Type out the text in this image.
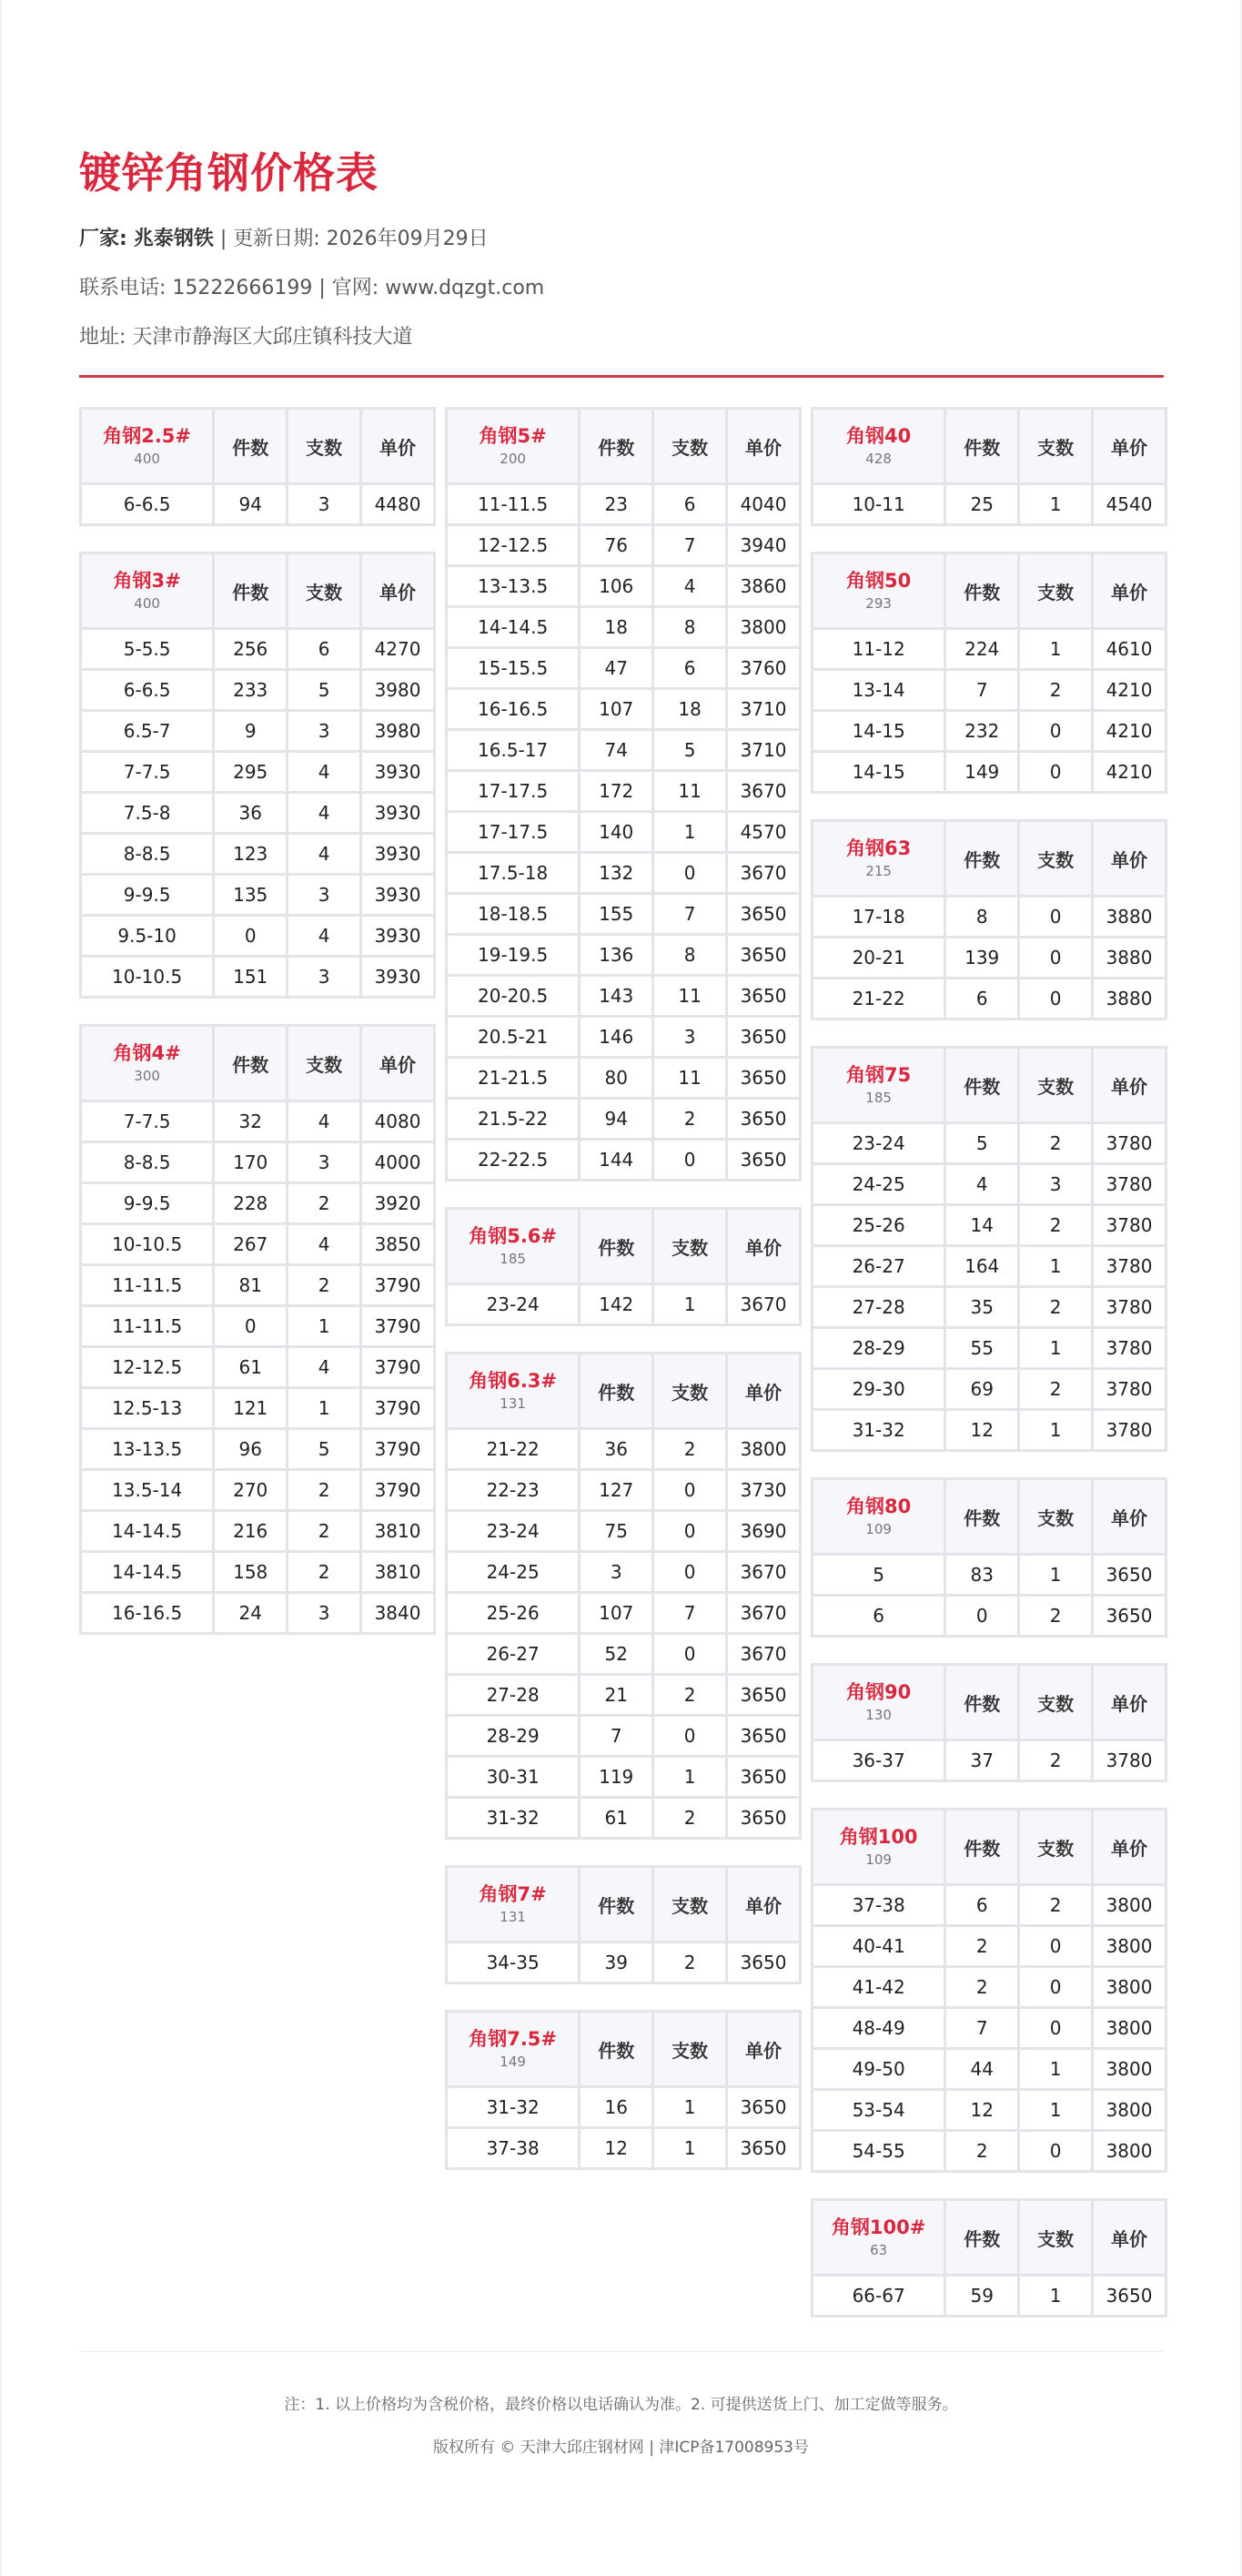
镀锌角钢价格表
厂家: 兆泰钢铁 | 更新日期: 2026年09月29日
联系电话: 15222666199 | 官网: www.dqzgt.com
地址: 天津市静海区大邱庄镇科技大道
角钢2.5#
400	件数	支数	单价
6-6.5	94	3	4480
角钢3#
400	件数	支数	单价
5-5.5	256	6	4270
6-6.5	233	5	3980
6.5-7	9	3	3980
7-7.5	295	4	3930
7.5-8	36	4	3930
8-8.5	123	4	3930
9-9.5	135	3	3930
9.5-10	0	4	3930
10-10.5	151	3	3930
角钢4#
300	件数	支数	单价
7-7.5	32	4	4080
8-8.5	170	3	4000
9-9.5	228	2	3920
10-10.5	267	4	3850
11-11.5	81	2	3790
11-11.5	0	1	3790
12-12.5	61	4	3790
12.5-13	121	1	3790
13-13.5	96	5	3790
13.5-14	270	2	3790
14-14.5	216	2	3810
14-14.5	158	2	3810
16-16.5	24	3	3840
角钢5#
200	件数	支数	单价
11-11.5	23	6	4040
12-12.5	76	7	3940
13-13.5	106	4	3860
14-14.5	18	8	3800
15-15.5	47	6	3760
16-16.5	107	18	3710
16.5-17	74	5	3710
17-17.5	172	11	3670
17-17.5	140	1	4570
17.5-18	132	0	3670
18-18.5	155	7	3650
19-19.5	136	8	3650
20-20.5	143	11	3650
20.5-21	146	3	3650
21-21.5	80	11	3650
21.5-22	94	2	3650
22-22.5	144	0	3650
角钢5.6#
185	件数	支数	单价
23-24	142	1	3670
角钢6.3#
131	件数	支数	单价
21-22	36	2	3800
22-23	127	0	3730
23-24	75	0	3690
24-25	3	0	3670
25-26	107	7	3670
26-27	52	0	3670
27-28	21	2	3650
28-29	7	0	3650
30-31	119	1	3650
31-32	61	2	3650
角钢7#
131	件数	支数	单价
34-35	39	2	3650
角钢7.5#
149	件数	支数	单价
31-32	16	1	3650
37-38	12	1	3650
角钢40
428	件数	支数	单价
10-11	25	1	4540
角钢50
293	件数	支数	单价
11-12	224	1	4610
13-14	7	2	4210
14-15	232	0	4210
14-15	149	0	4210
角钢63
215	件数	支数	单价
17-18	8	0	3880
20-21	139	0	3880
21-22	6	0	3880
角钢75
185	件数	支数	单价
23-24	5	2	3780
24-25	4	3	3780
25-26	14	2	3780
26-27	164	1	3780
27-28	35	2	3780
28-29	55	1	3780
29-30	69	2	3780
31-32	12	1	3780
角钢80
109	件数	支数	单价
5	83	1	3650
6	0	2	3650
角钢90
130	件数	支数	单价
36-37	37	2	3780
角钢100
109	件数	支数	单价
37-38	6	2	3800
40-41	2	0	3800
41-42	2	0	3800
48-49	7	0	3800
49-50	44	1	3800
53-54	12	1	3800
54-55	2	0	3800
角钢100#
63	件数	支数	单价
66-67	59	1	3650
注：1. 以上价格均为含税价格，最终价格以电话确认为准。2. 可提供送货上门、加工定做等服务。
版权所有 © 天津大邱庄钢材网 | 津ICP备17008953号
